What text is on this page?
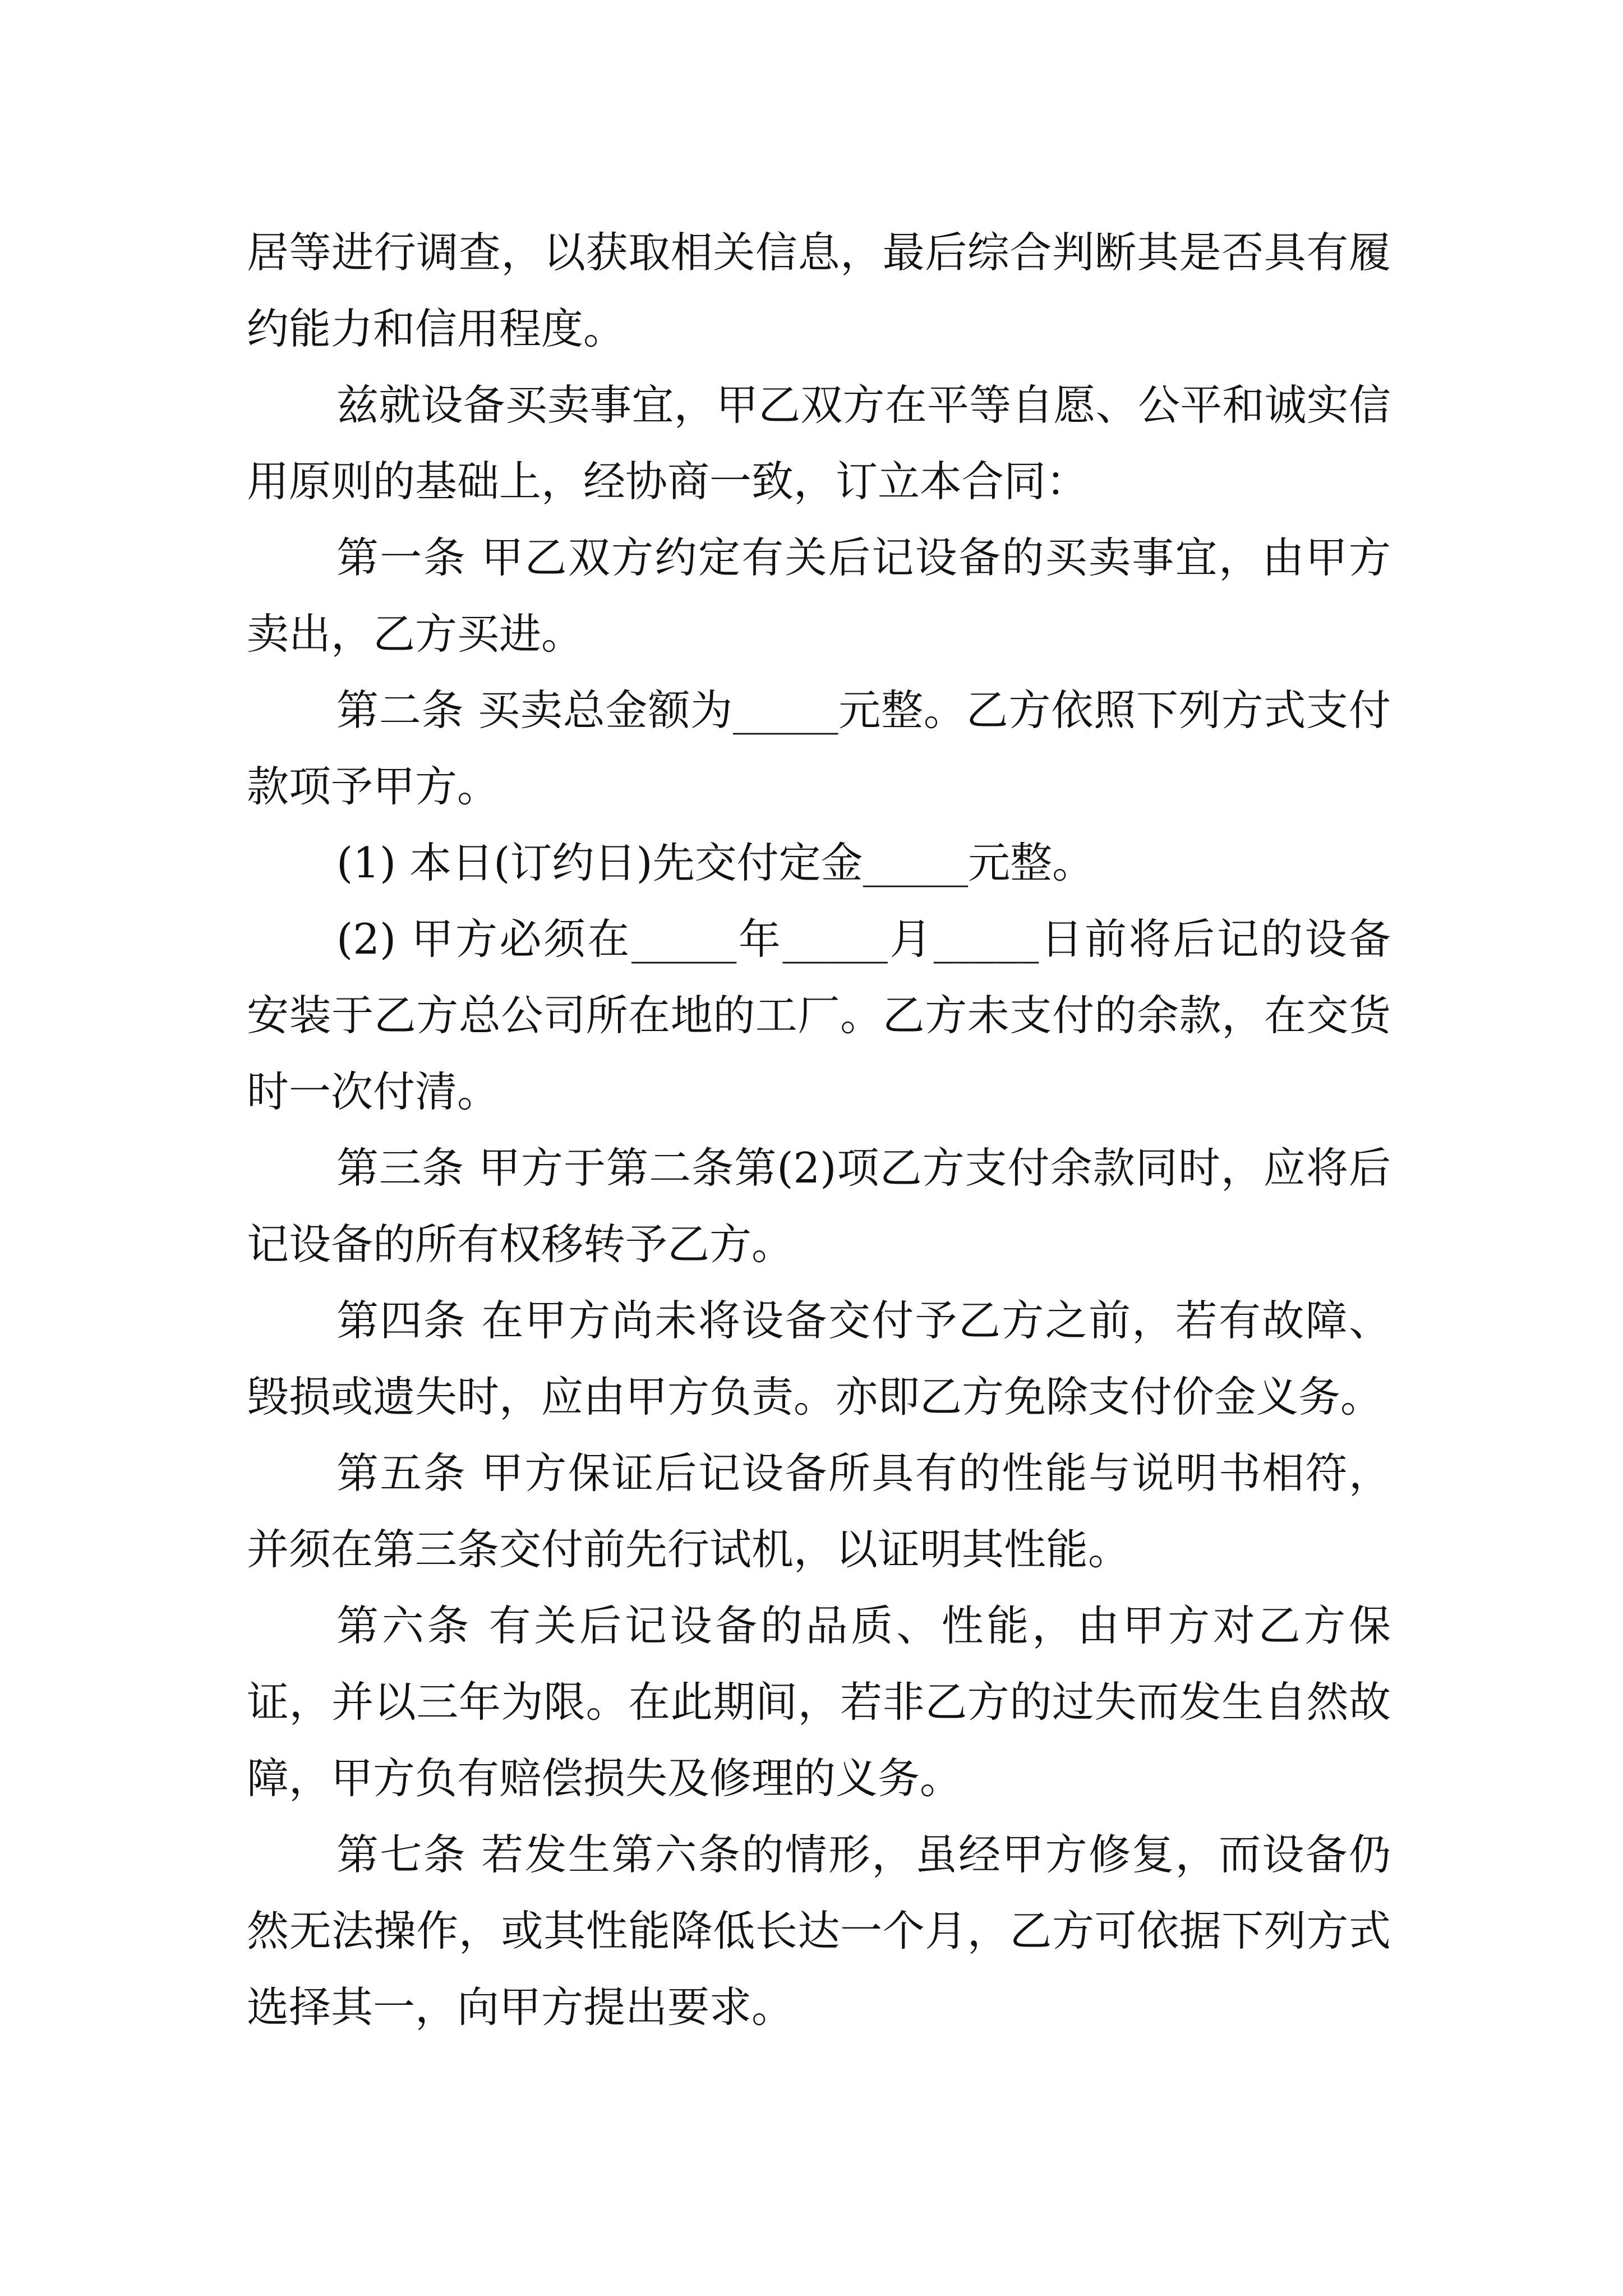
居等进行调查，以获取相关信息，最后综合判断其是否具有履约能力和信用程度。

兹就设备买卖事宜，甲乙双方在平等自愿、公平和诚实信用原则的基础上，经协商一致，订立本合同：

第一条 甲乙双方约定有关后记设备的买卖事宜，由甲方卖出，乙方买进。

第二条 买卖总金额为_____元整。乙方依照下列方式支付款项予甲方。

(1) 本日(订约日)先交付定金_____元整。

(2) 甲方必须在_____年_____月_____日前将后记的设备安装于乙方总公司所在地的工厂。乙方未支付的余款，在交货时一次付清。

第三条 甲方于第二条第(2)项乙方支付余款同时，应将后记设备的所有权移转予乙方。

第四条 在甲方尚未将设备交付予乙方之前，若有故障、毁损或遗失时，应由甲方负责。亦即乙方免除支付价金义务。

第五条 甲方保证后记设备所具有的性能与说明书相符，并须在第三条交付前先行试机，以证明其性能。

第六条 有关后记设备的品质、性能，由甲方对乙方保证，并以三年为限。在此期间，若非乙方的过失而发生自然故障，甲方负有赔偿损失及修理的义务。

第七条 若发生第六条的情形，虽经甲方修复，而设备仍然无法操作，或其性能降低长达一个月，乙方可依据下列方式选择其一，向甲方提出要求。
